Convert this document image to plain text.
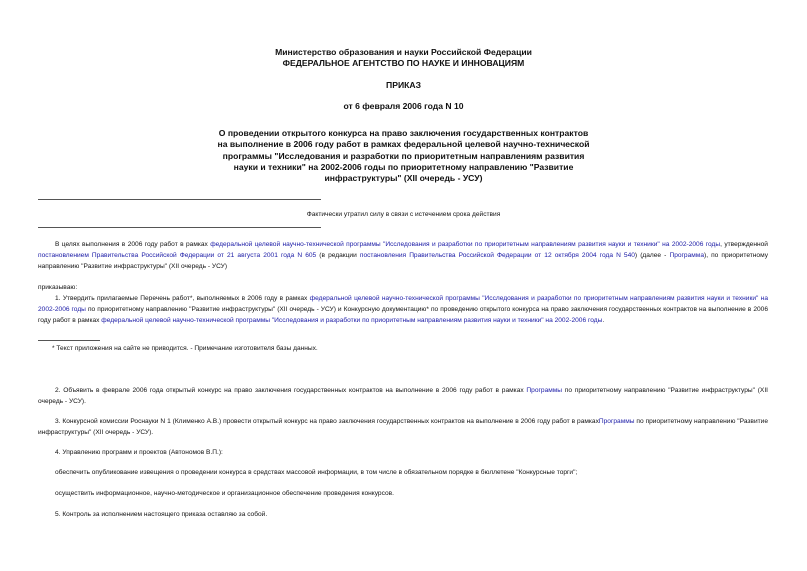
Министерство образования и науки Российской Федерации
ФЕДЕРАЛЬНОЕ АГЕНТСТВО ПО НАУКЕ И ИННОВАЦИЯМ
ПРИКАЗ
от 6 февраля 2006 года N 10
О проведении открытого конкурса на право заключения государственных контрактов
на выполнение в 2006 году работ в рамках федеральной целевой научно-технической
программы "Исследования и разработки по приоритетным направлениям развития
науки и техники" на 2002-2006 годы по приоритетному направлению "Развитие
инфраструктуры" (XII очередь - УСУ)
Фактически утратил силу в связи с истечением срока действия
В целях выполнения в 2006 году работ в рамках федеральной целевой научно-технической программы "Исследования и разработки по приоритетным направлениям развития науки и техники" на 2002-2006 годы, утвержденной постановлением Правительства Российской Федерации от 21 августа 2001 года N 605 (в редакции постановления Правительства Российской Федерации от 12 октября 2004 года N 540) (далее - Программа), по приоритетному направлению "Развитие инфраструктуры" (XII очередь - УСУ)
приказываю:
1. Утвердить прилагаемые Перечень работ*, выполняемых в 2006 году в рамках федеральной целевой научно-технической программы "Исследования и разработки по приоритетным направлениям развития науки и техники" на 2002-2006 годы по приоритетному направлению "Развитие инфраструктуры" (XII очередь - УСУ) и Конкурсную документацию* по проведению открытого конкурса на право заключения государственных контрактов на выполнение в 2006 году работ в рамках федеральной целевой научно-технической программы "Исследования и разработки по приоритетным направлениям развития науки и техники" на 2002-2006 годы.
* Текст приложения на сайте не приводится. - Примечание изготовителя базы данных.
2. Объявить в феврале 2006 года открытый конкурс на право заключения государственных контрактов на выполнение в 2006 году работ в рамках Программы по приоритетному направлению "Развитие инфраструктуры" (XII очередь - УСУ).
3. Конкурсной комиссии Роснауки N 1 (Клименко А.В.) провести открытый конкурс на право заключения государственных контрактов на выполнение в 2006 году работ в рамкахПрограммы по приоритетному направлению "Развитие инфраструктуры" (XII очередь - УСУ).
4. Управлению программ и проектов (Автономов В.П.):
обеспечить опубликование извещения о проведении конкурса в средствах массовой информации, в том числе в обязательном порядке в бюллетене "Конкурсные торги";
осуществить информационное, научно-методическое и организационное обеспечение проведения конкурсов.
5. Контроль за исполнением настоящего приказа оставляю за собой.
